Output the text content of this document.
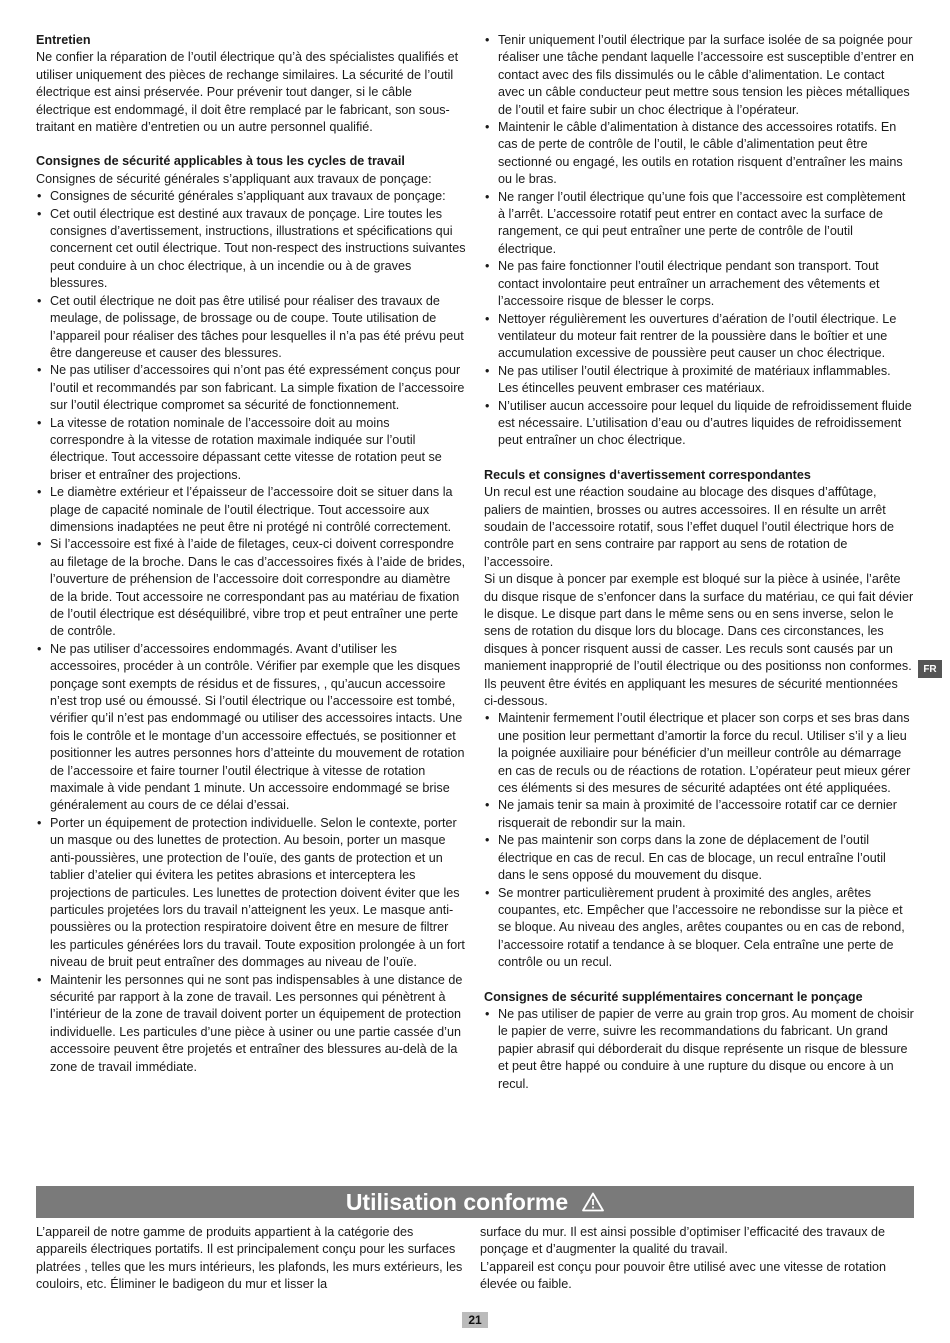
Entretien

Ne confier la réparation de l’outil électrique qu’à des spécialistes qualifiés et utiliser uniquement des pièces de rechange similaires. La sécurité de l’outil électrique est ainsi préservée. Pour prévenir tout danger, si le câble électrique est endommagé, il doit être remplacé par le fabricant, son sous-traitant en matière d’entretien ou un autre personnel qualifié.

Consignes de sécurité applicables à tous les cycles de travail

Consignes de sécurité générales s’appliquant aux travaux de ponçage:

• Consignes de sécurité générales s’appliquant aux travaux de ponçage:
• Cet outil électrique est destiné aux travaux de ponçage. Lire toutes les consignes d’avertissement, instructions, illustrations et spécifications qui concernent cet outil électrique. Tout non-respect des instructions suivantes peut conduire à un choc électrique, à un incendie ou à de graves blessures.
• Cet outil électrique ne doit pas être utilisé pour réaliser des travaux de meulage, de polissage, de brossage ou de coupe. Toute utilisation de l’appareil pour réaliser des tâches pour lesquelles il n’a pas été prévu peut être dangereuse et causer des blessures.
• Ne pas utiliser d’accessoires qui n’ont pas été expressément conçus pour l’outil et recommandés par son fabricant. La simple fixation de l’accessoire sur l’outil électrique compromet sa sécurité de fonctionnement.
• La vitesse de rotation nominale de l’accessoire doit au moins correspondre à la vitesse de rotation maximale indiquée sur l’outil électrique. Tout accessoire dépassant cette vitesse de rotation peut se briser et entraîner des projections.
• Le diamètre extérieur et l’épaisseur de l’accessoire doit se situer dans la plage de capacité nominale de l’outil électrique. Tout accessoire aux dimensions inadaptées ne peut être ni protégé ni contrôlé correctement.
• Si l’accessoire est fixé à l’aide de filetages, ceux-ci doivent correspondre au filetage de la broche. Dans le cas d’accessoires fixés à l’aide de brides, l’ouverture de préhension de l’accessoire doit correspondre au diamètre de la bride. Tout accessoire ne correspondant pas au matériau de fixation de l’outil électrique est déséquilibré, vibre trop et peut entraîner une perte de contrôle.
• Ne pas utiliser d’accessoires endommagés. Avant d’utiliser les accessoires, procéder à un contrôle. Vérifier par exemple que les disques ponçage sont exempts de résidus et de fissures, , qu’aucun accessoire n’est trop usé ou émoussé. Si l’outil électrique ou l’accessoire est tombé, vérifier qu’il n’est pas endommagé ou utiliser des accessoires intacts. Une fois le contrôle et le montage d’un accessoire effectués, se positionner et positionner les autres personnes hors d’atteinte du mouvement de rotation de l’accessoire et faire tourner l’outil électrique à vitesse de rotation maximale à vide pendant 1 minute. Un accessoire endommagé se brise généralement au cours de ce délai d’essai.
• Porter un équipement de protection individuelle. Selon le contexte, porter un masque ou des lunettes de protection. Au besoin, porter un masque anti-poussières, une protection de l’ouïe, des gants de protection et un tablier d’atelier qui évitera les petites abrasions et interceptera les projections de particules. Les lunettes de protection doivent éviter que les particules projetées lors du travail n’atteignent les yeux. Le masque anti-poussières ou la protection respiratoire doivent être en mesure de filtrer les particules générées lors du travail. Toute exposition prolongée à un fort niveau de bruit peut entraîner des dommages au niveau de l’ouïe.
• Maintenir les personnes qui ne sont pas indispensables à une distance de sécurité par rapport à la zone de travail. Les personnes qui pénètrent à l’intérieur de la zone de travail doivent porter un équipement de protection individuelle. Les particules d’une pièce à usiner ou une partie cassée d’un accessoire peuvent être projetés et entraîner des blessures au-delà de la zone de travail immédiate.
• Tenir uniquement l’outil électrique par la surface isolée de sa poignée pour réaliser une tâche pendant laquelle l’accessoire est susceptible d’entrer en contact avec des fils dissimulés ou le câble d’alimentation. Le contact avec un câble conducteur peut mettre sous tension les pièces métalliques de l’outil et faire subir un choc électrique à l’opérateur.
• Maintenir le câble d’alimentation à distance des accessoires rotatifs. En cas de perte de contrôle de l’outil, le câble d’alimentation peut être sectionné ou engagé, les outils en rotation risquent d’entraîner les mains ou le bras.
• Ne ranger l’outil électrique qu’une fois que l’accessoire est complètement à l’arrêt. L’accessoire rotatif peut entrer en contact avec la surface de rangement, ce qui peut entraîner une perte de contrôle de l’outil électrique.
• Ne pas faire fonctionner l’outil électrique pendant son transport. Tout contact involontaire peut entraîner un arrachement des vêtements et l’accessoire risque de blesser le corps.
• Nettoyer régulièrement les ouvertures d’aération de l’outil électrique. Le ventilateur du moteur fait rentrer de la poussière dans le boîtier et une accumulation excessive de poussière peut causer un choc électrique.
• Ne pas utiliser l’outil électrique à proximité de matériaux inflammables. Les étincelles peuvent embraser ces matériaux.
• N’utiliser aucun accessoire pour lequel du liquide de refroidissement fluide est nécessaire. L’utilisation d’eau ou d’autres liquides de refroidissement peut entraîner un choc électrique.

Reculs et consignes d‘avertissement correspondantes

Un recul est une réaction soudaine au blocage des disques d’affûtage, paliers de maintien, brosses ou autres accessoires. Il en résulte un arrêt soudain de l’accessoire rotatif, sous l’effet duquel l’outil électrique hors de contrôle part en sens contraire par rapport au sens de rotation de l’accessoire.

Si un disque à poncer par exemple est bloqué sur la pièce à usinée, l’arête du disque risque de s’enfoncer dans la surface du matériau, ce qui fait dévier le disque. Le disque part dans le même sens ou en sens inverse, selon le sens de rotation du disque lors du blocage. Dans ces circonstances, les disques à poncer risquent aussi de casser. Les reculs sont causés par un maniement inapproprié de l’outil électrique ou des positionss non conformes. Ils peuvent être évités en appliquant les mesures de sécurité mentionnées ci-dessous.

• Maintenir fermement l’outil électrique et placer son corps et ses bras dans une position leur permettant d’amortir la force du recul. Utiliser s’il y a lieu la poignée auxiliaire pour bénéficier d’un meilleur contrôle au démarrage en cas de reculs ou de réactions de rotation. L’opérateur peut mieux gérer ces éléments si des mesures de sécurité adaptées ont été appliquées.
• Ne jamais tenir sa main à proximité de l’accessoire rotatif car ce dernier risquerait de rebondir sur la main.
• Ne pas maintenir son corps dans la zone de déplacement de l’outil électrique en cas de recul. En cas de blocage, un recul entraîne l’outil dans le sens opposé du mouvement du disque.
• Se montrer particulièrement prudent à proximité des angles, arêtes coupantes, etc. Empêcher que l’accessoire ne rebondisse sur la pièce et se bloque. Au niveau des angles, arêtes coupantes ou en cas de rebond, l’accessoire rotatif a tendance à se bloquer. Cela entraîne une perte de contrôle ou un recul.

Consignes de sécurité supplémentaires concernant le ponçage

• Ne pas utiliser de papier de verre au grain trop gros. Au moment de choisir le papier de verre, suivre les recommandations du fabricant. Un grand papier abrasif qui déborderait du disque représente un risque de blessure et peut être happé ou conduire à une rupture du disque ou encore à un recul.
FR
Utilisation conforme

L’appareil de notre gamme de produits appartient à la catégorie des appareils électriques portatifs. Il est principalement conçu pour les surfaces platrées , telles que les murs intérieurs, les plafonds, les murs extérieurs, les couloirs, etc. Éliminer le badigeon du mur et lisser la

surface du mur. Il est ainsi possible d’optimiser l’efficacité des travaux de ponçage et d’augmenter la qualité du travail.

L’appareil est conçu pour pouvoir être utilisé avec une vitesse de rotation élevée ou faible.

21
